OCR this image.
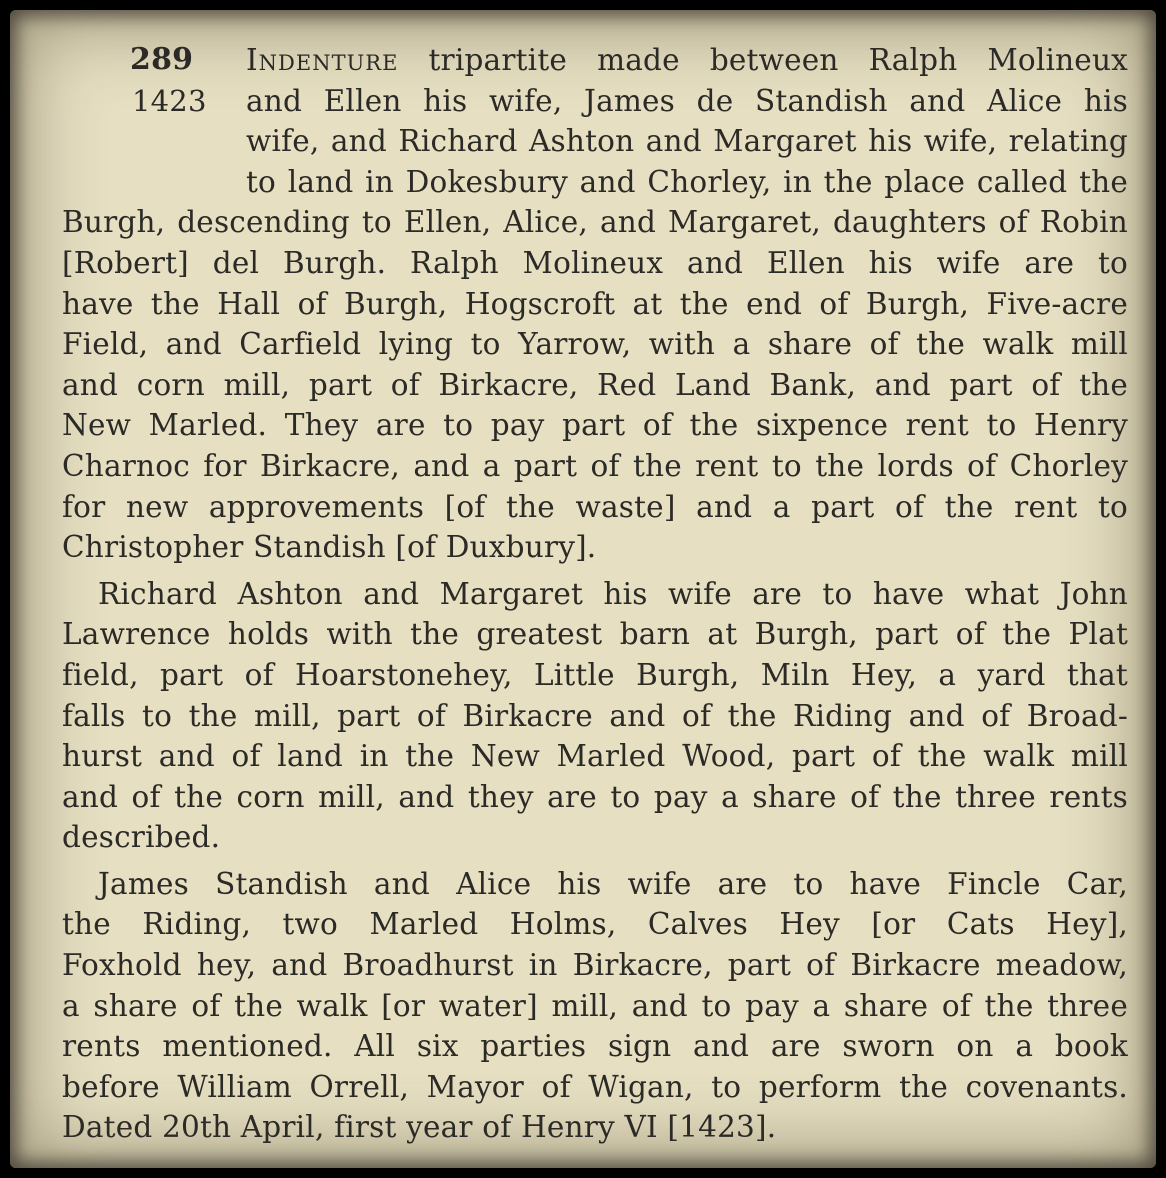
289
1423
Indenture tripartite made between Ralph Molineux
and Ellen his wife, James de Standish and Alice his
wife, and Richard Ashton and Margaret his wife, relating
to land in Dokesbury and Chorley, in the place called the
Burgh, descending to Ellen, Alice, and Margaret, daughters of Robin
[Robert] del Burgh. Ralph Molineux and Ellen his wife are to
have the Hall of Burgh, Hogscroft at the end of Burgh, Five-acre
Field, and Carfield lying to Yarrow, with a share of the walk mill
and corn mill, part of Birkacre, Red Land Bank, and part of the
New Marled. They are to pay part of the sixpence rent to Henry
Charnoc for Birkacre, and a part of the rent to the lords of Chorley
for new approvements [of the waste] and a part of the rent to
Christopher Standish [of Duxbury].
Richard Ashton and Margaret his wife are to have what John
Lawrence holds with the greatest barn at Burgh, part of the Plat
field, part of Hoarstonehey, Little Burgh, Miln Hey, a yard that
falls to the mill, part of Birkacre and of the Riding and of Broad-
hurst and of land in the New Marled Wood, part of the walk mill
and of the corn mill, and they are to pay a share of the three rents
described.
James Standish and Alice his wife are to have Fincle Car,
the Riding, two Marled Holms, Calves Hey [or Cats Hey],
Foxhold hey, and Broadhurst in Birkacre, part of Birkacre meadow,
a share of the walk [or water] mill, and to pay a share of the three
rents mentioned. All six parties sign and are sworn on a book
before William Orrell, Mayor of Wigan, to perform the covenants.
Dated 20th April, first year of Henry VI [1423].
